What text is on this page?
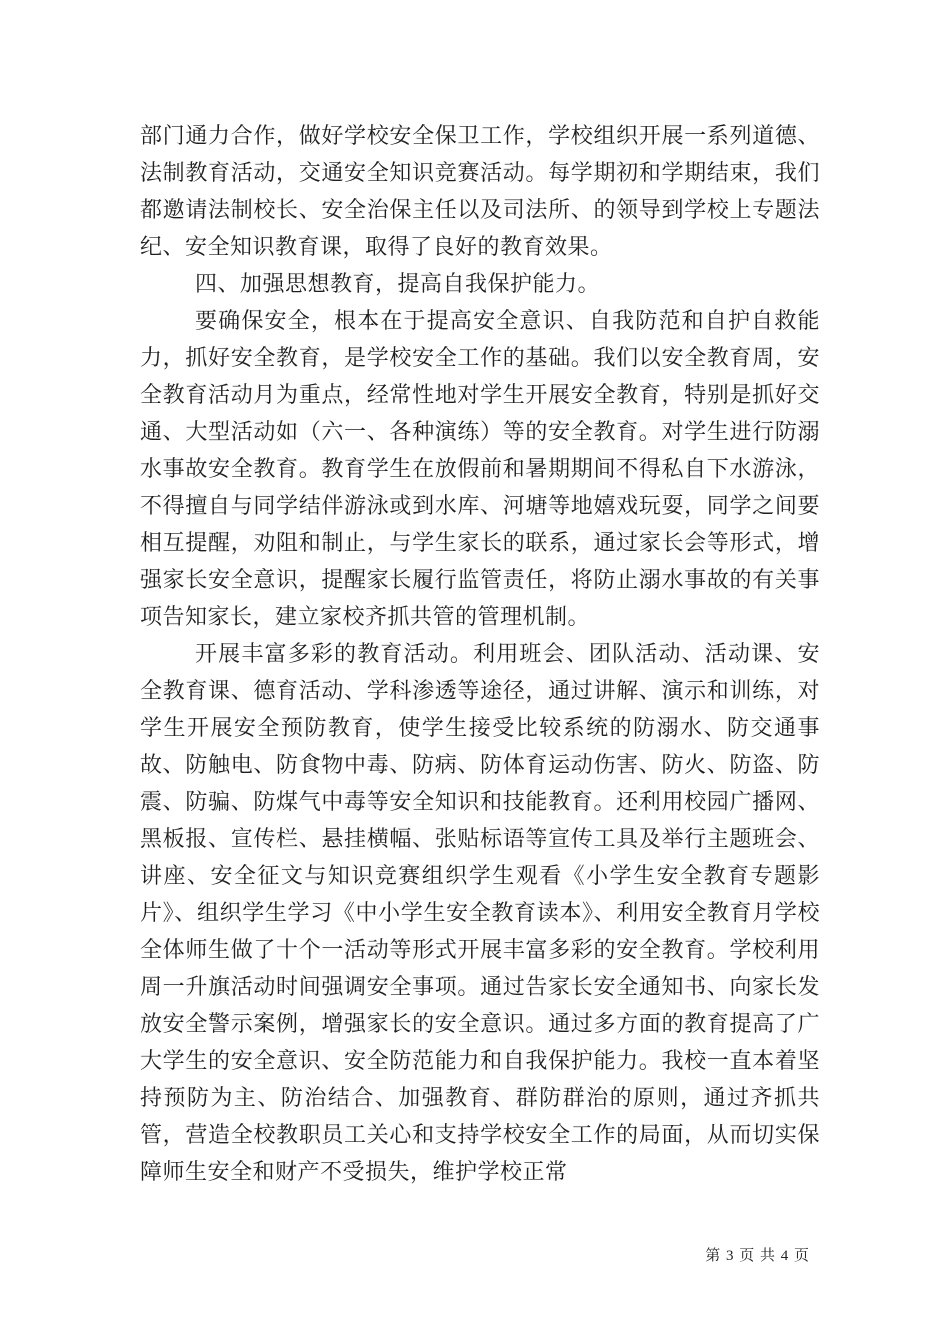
部门通力合作，做好学校安全保卫工作，学校组织开展一系列道德、法制教育活动，交通安全知识竞赛活动。每学期初和学期结束，我们都邀请法制校长、安全治保主任以及司法所、的领导到学校上专题法纪、安全知识教育课，取得了良好的教育效果。

四、加强思想教育，提高自我保护能力。

要确保安全，根本在于提高安全意识、自我防范和自护自救能力，抓好安全教育，是学校安全工作的基础。我们以安全教育周，安全教育活动月为重点，经常性地对学生开展安全教育，特别是抓好交通、大型活动如（六一、各种演练）等的安全教育。对学生进行防溺水事故安全教育。教育学生在放假前和暑期期间不得私自下水游泳，不得擅自与同学结伴游泳或到水库、河塘等地嬉戏玩耍，同学之间要相互提醒，劝阻和制止，与学生家长的联系，通过家长会等形式，增强家长安全意识，提醒家长履行监管责任，将防止溺水事故的有关事项告知家长，建立家校齐抓共管的管理机制。

开展丰富多彩的教育活动。利用班会、团队活动、活动课、安全教育课、德育活动、学科渗透等途径，通过讲解、演示和训练，对学生开展安全预防教育，使学生接受比较系统的防溺水、防交通事故、防触电、防食物中毒、防病、防体育运动伤害、防火、防盗、防震、防骗、防煤气中毒等安全知识和技能教育。还利用校园广播网、黑板报、宣传栏、悬挂横幅、张贴标语等宣传工具及举行主题班会、讲座、安全征文与知识竞赛组织学生观看《小学生安全教育专题影片》、组织学生学习《中小学生安全教育读本》、利用安全教育月学校全体师生做了十个一活动等形式开展丰富多彩的安全教育。学校利用周一升旗活动时间强调安全事项。通过告家长安全通知书、向家长发放安全警示案例，增强家长的安全意识。通过多方面的教育提高了广大学生的安全意识、安全防范能力和自我保护能力。我校一直本着坚持预防为主、防治结合、加强教育、群防群治的原则，通过齐抓共管，营造全校教职员工关心和支持学校安全工作的局面，从而切实保障师生安全和财产不受损失，维护学校正常

第 3 页 共 4 页
